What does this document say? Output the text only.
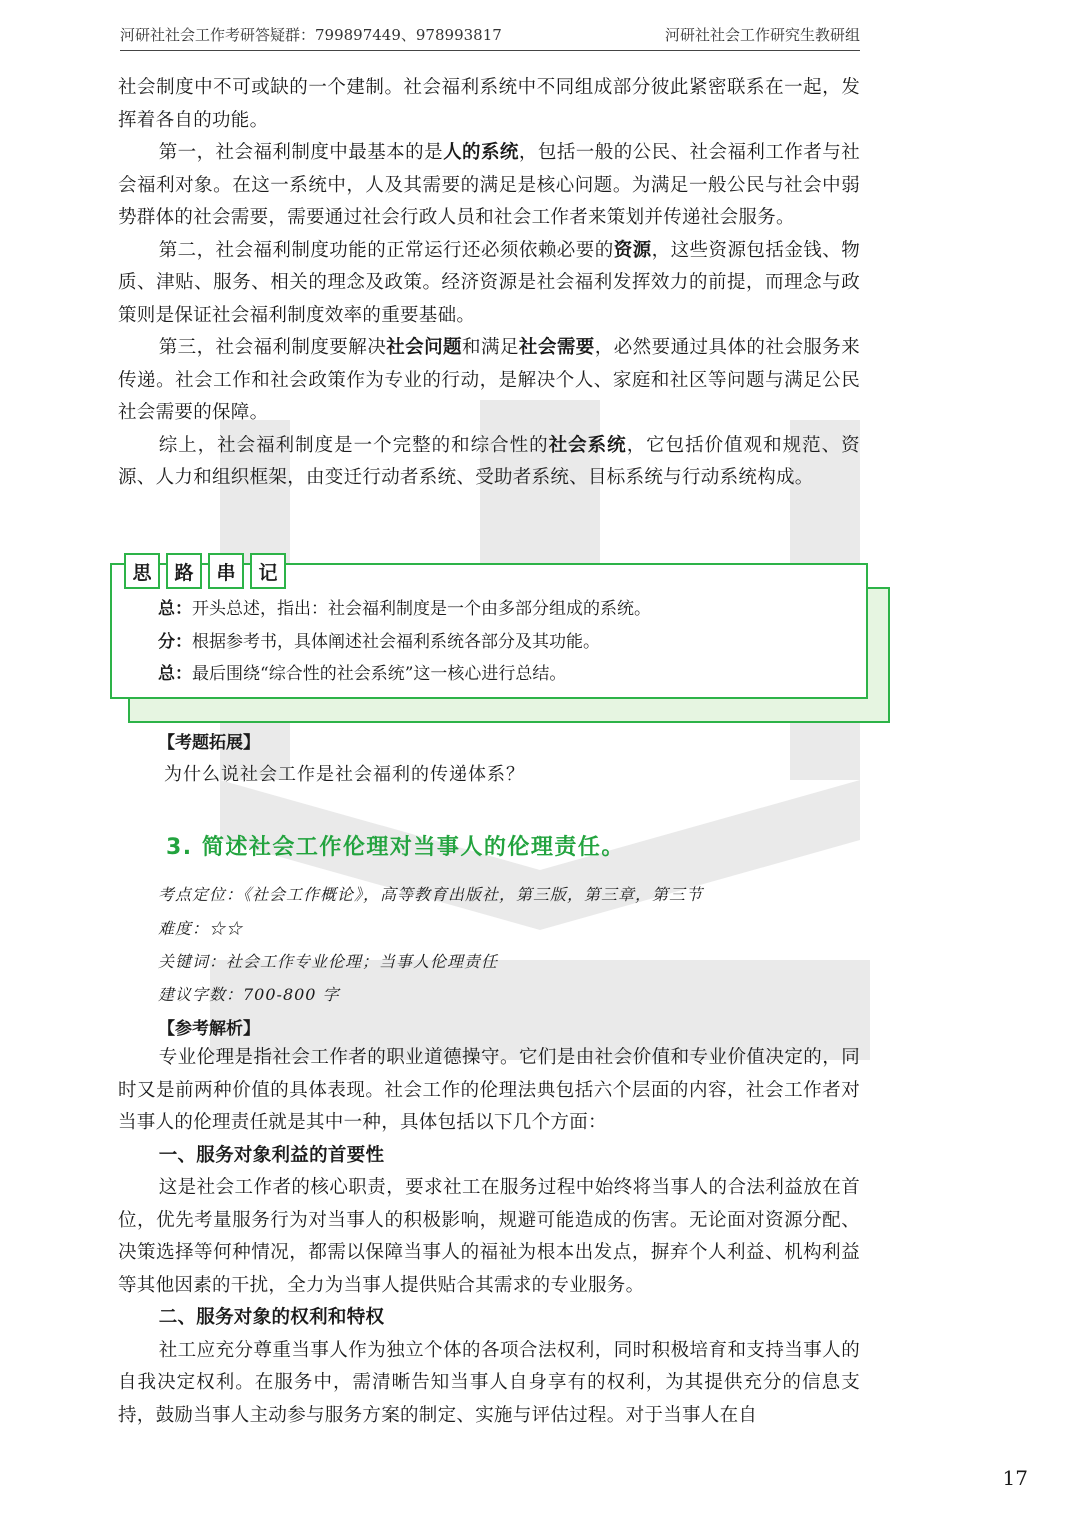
河研社社会工作考研答疑群：799897449、978993817	河研社社会工作研究生教研组

社会制度中不可或缺的一个建制。社会福利系统中不同组成部分彼此紧密联系在一起，发挥着各自的功能。

第一，社会福利制度中最基本的是人的系统，包括一般的公民、社会福利工作者与社会福利对象。在这一系统中，人及其需要的满足是核心问题。为满足一般公民与社会中弱势群体的社会需要，需要通过社会行政人员和社会工作者来策划并传递社会服务。

第二，社会福利制度功能的正常运行还必须依赖必要的资源，这些资源包括金钱、物质、津贴、服务、相关的理念及政策。经济资源是社会福利发挥效力的前提，而理念与政策则是保证社会福利制度效率的重要基础。

第三，社会福利制度要解决社会问题和满足社会需要，必然要通过具体的社会服务来传递。社会工作和社会政策作为专业的行动，是解决个人、家庭和社区等问题与满足公民社会需要的保障。

综上，社会福利制度是一个完整的和综合性的社会系统，它包括价值观和规范、资源、人力和组织框架，由变迁行动者系统、受助者系统、目标系统与行动系统构成。

思	路	串	记
总：开头总述，指出：社会福利制度是一个由多部分组成的系统。
分：根据参考书，具体阐述社会福利系统各部分及其功能。
总：最后围绕“综合性的社会系统”这一核心进行总结。
【考题拓展】
为什么说社会工作是社会福利的传递体系？
3. 简述社会工作伦理对当事人的伦理责任。
考点定位：《社会工作概论》，高等教育出版社，第三版，第三章，第三节
难度：☆☆
关键词：社会工作专业伦理；当事人伦理责任
建议字数：700-800 字
【参考解析】

专业伦理是指社会工作者的职业道德操守。它们是由社会价值和专业价值决定的，同时又是前两种价值的具体表现。社会工作的伦理法典包括六个层面的内容，社会工作者对当事人的伦理责任就是其中一种，具体包括以下几个方面：

一、服务对象利益的首要性

这是社会工作者的核心职责，要求社工在服务过程中始终将当事人的合法利益放在首位，优先考量服务行为对当事人的积极影响，规避可能造成的伤害。无论面对资源分配、决策选择等何种情况，都需以保障当事人的福祉为根本出发点，摒弃个人利益、机构利益等其他因素的干扰，全力为当事人提供贴合其需求的专业服务。

二、服务对象的权利和特权

社工应充分尊重当事人作为独立个体的各项合法权利，同时积极培育和支持当事人的自我决定权利。在服务中，需清晰告知当事人自身享有的权利，为其提供充分的信息支持，鼓励当事人主动参与服务方案的制定、实施与评估过程。对于当事人在自

17
